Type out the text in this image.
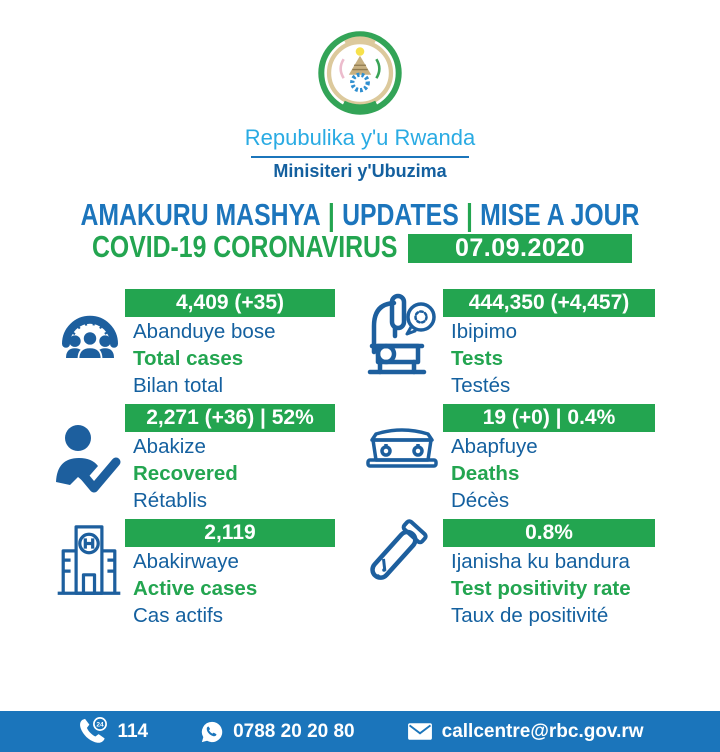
Repubulika y'u Rwanda
Minisiteri y'Ubuzima
AMAKURU MASHYA | UPDATES | MISE A JOUR
COVID-19 CORONAVIRUS	07.09.2020
4,409 (+35)
Abanduye bose
Total cases
Bilan total
444,350 (+4,457)
Ibipimo
Tests
Testés
2,271 (+36) | 52%
Abakize
Recovered
Rétablis
19 (+0) | 0.4%
Abapfuye
Deaths
Décès
2,119
Abakirwaye
Active cases
Cas actifs
0.8%
Ijanisha ku bandura
Test positivity rate
Taux de positivité
24 114	0788 20 20 80	callcentre@rbc.gov.rw
